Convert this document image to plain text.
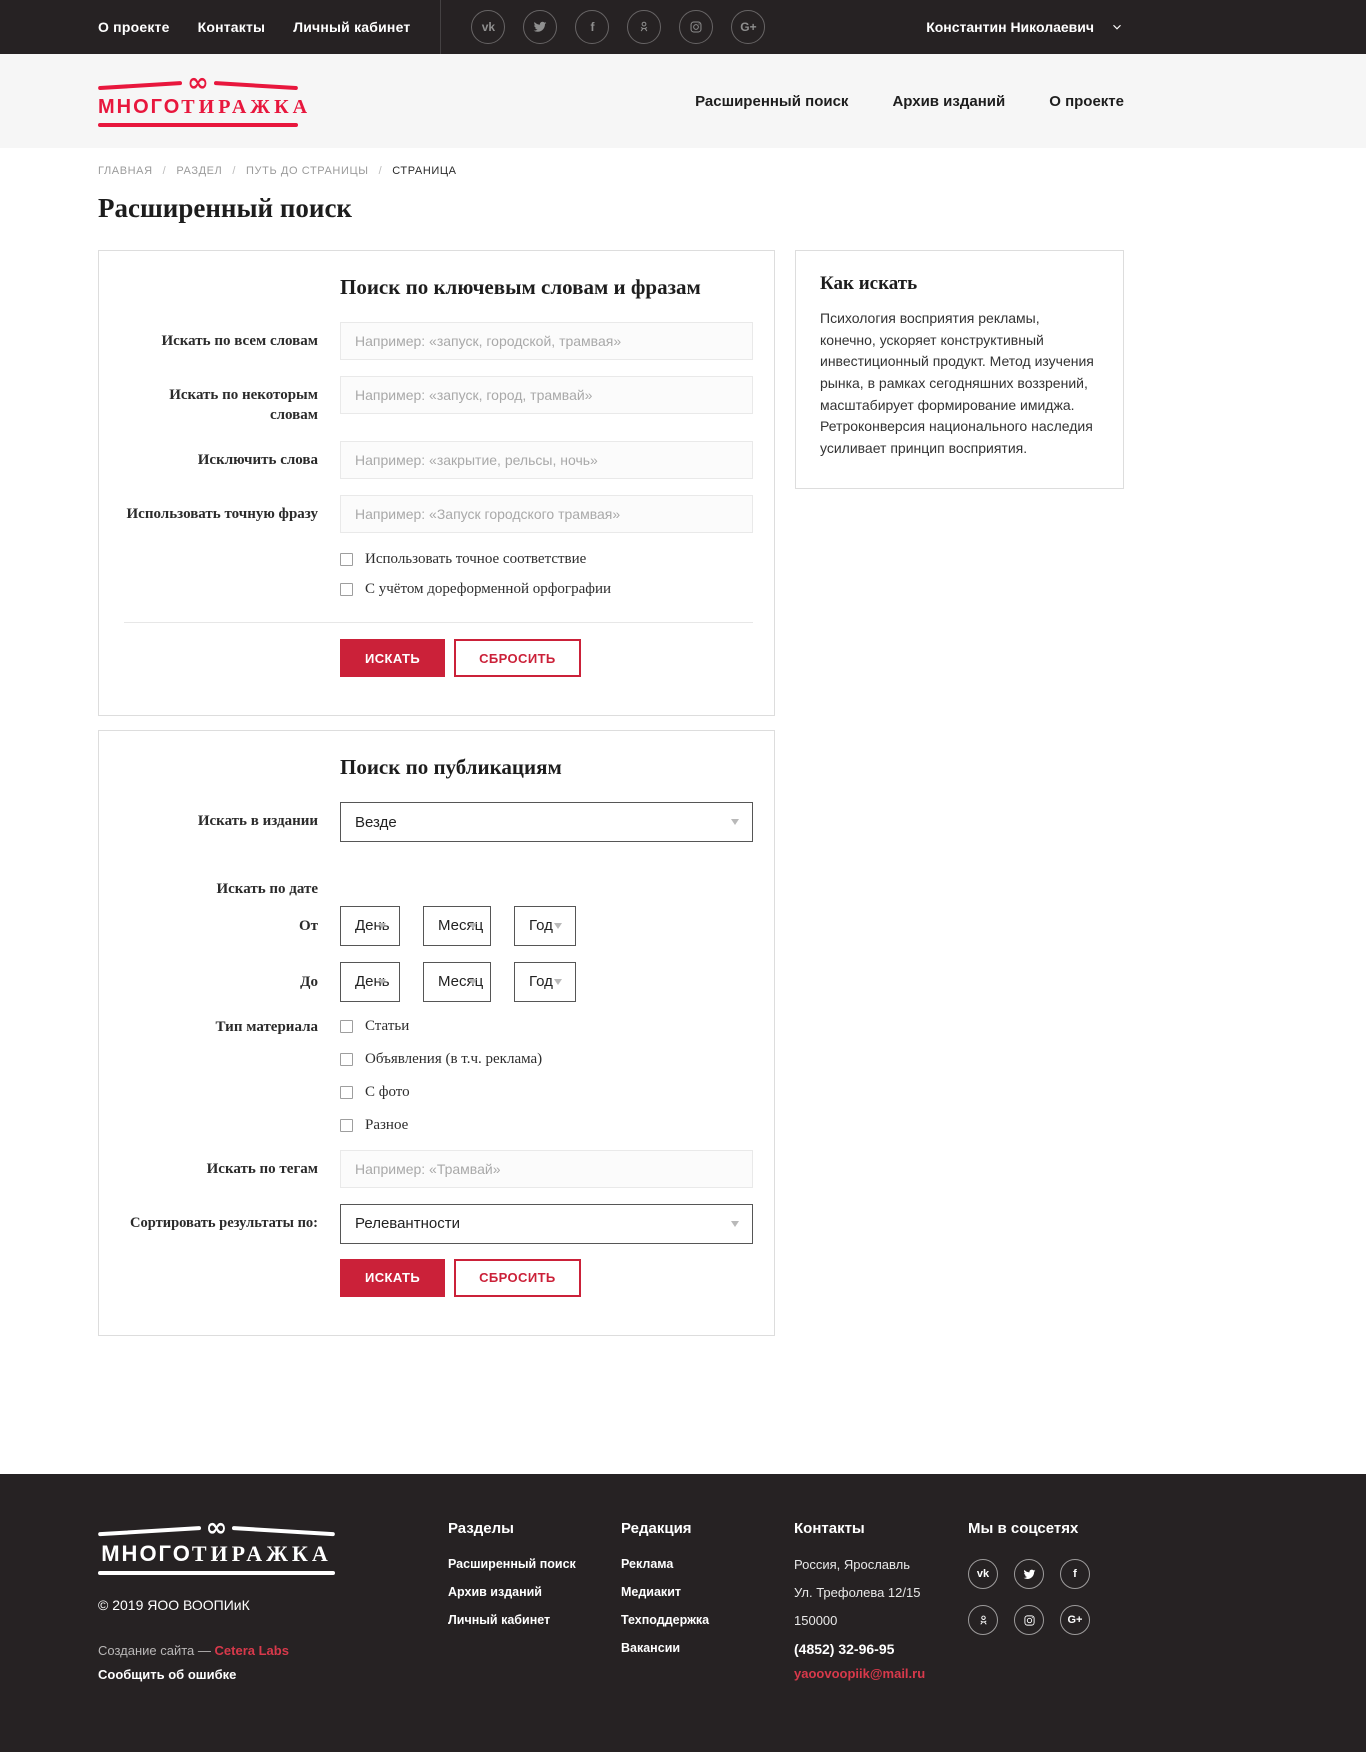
О проекте Контакты Личный кабинет	vk	f	G+	Константин Николаевич
∞
МНОГОТИРАЖКА	Расширенный поиск	Архив изданий	О проекте
ГЛАВНАЯ / РАЗДЕЛ / ПУТЬ ДО СТРАНИЦЫ / СТРАНИЦА
Расширенный поиск
Поиск по ключевым словам и фразам
Искать по всем словам
Например: «запуск, городской, трамвая»
Искать по некоторым словам
Например: «запуск, город, трамвай»
Исключить слова
Например: «закрытие, рельсы, ночь»
Использовать точную фразу
Например: «Запуск городского трамвая»
Использовать точное соответствие
С учётом дореформенной орфографии
ИСКАТЬ	СБРОСИТЬ
Поиск по публикациям
Искать в издании	Везде
Искать по дате
От	День	Месяц	Год
До	День	Месяц	Год
Тип материала	Статьи
Объявления (в т.ч. реклама)
С фото
Разное
Искать по тегам
Например: «Трамвай»
Сортировать результаты по:	Релевантности
ИСКАТЬ	СБРОСИТЬ
Как искать

Психология восприятия рекламы, конечно, ускоряет конструктивный инвестиционный продукт. Метод изучения рынка, в рамках сегодняшних воззрений, масштабирует формирование имиджа. Ретроконверсия национального наследия усиливает принцип восприятия.

∞
МНОГОТИРАЖКА
© 2019 ЯОО ВООПИиК
Создание сайта — Cetera Labs
Сообщить об ошибке
Разделы
Расширенный поиск
Архив изданий
Личный кабинет
Редакция
Реклама
Медиакит
Техподдержка
Вакансии
Контакты
Россия, Ярославль
Ул. Трефолева 12/15
150000
(4852) 32-96-95
yaoovoopiik@mail.ru
Мы в соцсетях
vk	f
G+
